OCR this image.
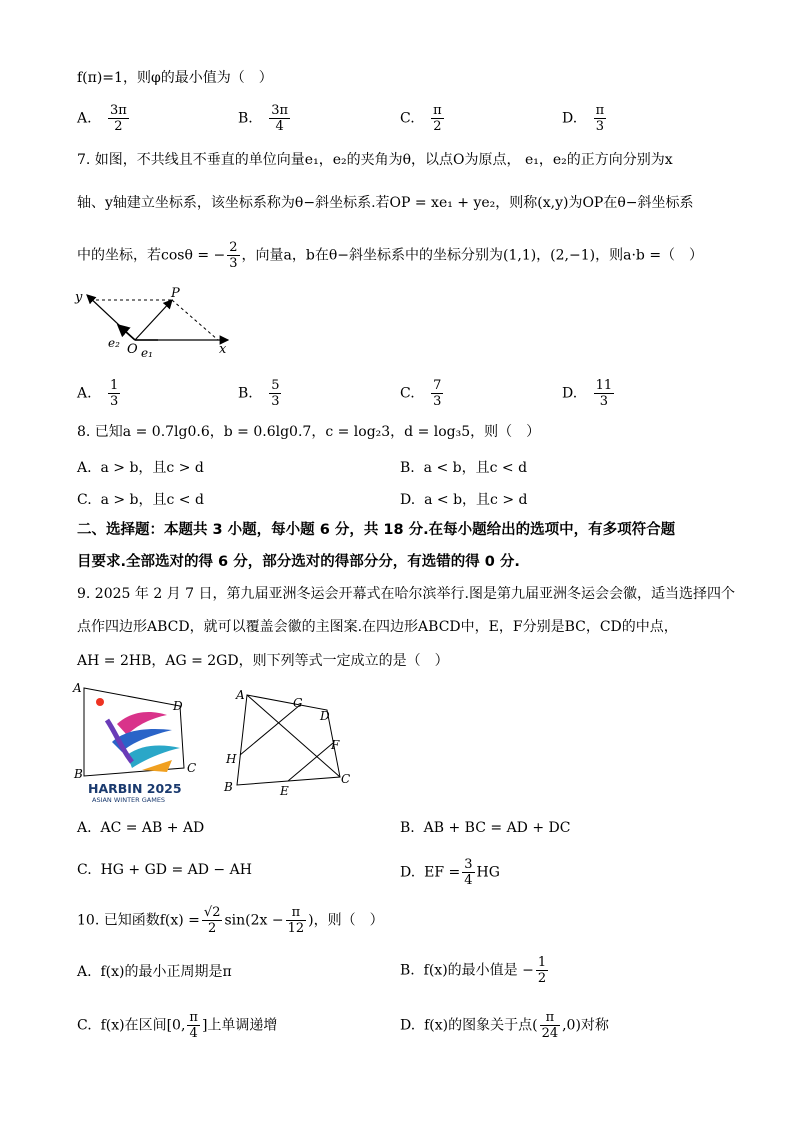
f(π)=1，则φ的最小值为（　）
A. $\frac{3\pi}{2}$	B. $\frac{3\pi}{4}$	C. $\frac{\pi}{2}$	D. $\frac{\pi}{3}$
7. 如图，不共线且不垂直的单位向量e₁，e₂的夹角为θ，以点O为原点， e₁，e₂的正方向分别为x
轴、y轴建立坐标系，该坐标系称为θ−斜坐标系.若OP = xe₁ + ye₂，则称(x,y)为OP在θ−斜坐标系
中的坐标，若cosθ = − $\frac{2}{3}$ ，向量a，b在θ−斜坐标系中的坐标分别为(1,1)，(2,−1)，则a·b =（　）
y	P
e₂ O e₁	x
A. $\frac{1}{3}$	B. $\frac{5}{3}$	C. $\frac{7}{3}$	D. $\frac{11}{3}$
8. 已知a = 0.7lg0.6，b = 0.6lg0.7，c = log₂3，d = log₃5，则（　）
A. a > b，且c > d	B. a < b，且c < d
C. a > b，且c < d	D. a < b，且c > d
二、选择题：本题共 3 小题，每小题 6 分，共 18 分.在每小题给出的选项中，有多项符合题
目要求.全部选对的得 6 分，部分选对的得部分分，有选错的得 0 分.
9. 2025 年 2 月 7 日，第九届亚洲冬运会开幕式在哈尔滨举行.图是第九届亚洲冬运会会徽，适当选择四个
点作四边形ABCD，就可以覆盖会徽的主图案.在四边形ABCD中，E，F分别是BC，CD的中点，
AH = 2HB，AG = 2GD，则下列等式一定成立的是（　）
A
D
B	C
HARBIN 2025
ASIAN WINTER GAMES
A
G
D
F
H
C
B	E
A. AC = AB + AD	B. AB + BC = AD + DC
C. HG + GD = AD − AH	D. EF = $\frac{3}{4}$ HG
10. 已知函数$f(x) = \frac{√2}{2} \sin(2x - \frac{\pi}{12}$ )，则（　）
A. f(x)的最小正周期是π	B. f(x)的最小值是 − $\frac{1}{2}$
C. f(x)在区间[0, $\frac{\pi}{4}$ ]上单调递增	D. f(x)的图象关于点( $\frac{\pi}{24} ,0$)对称
